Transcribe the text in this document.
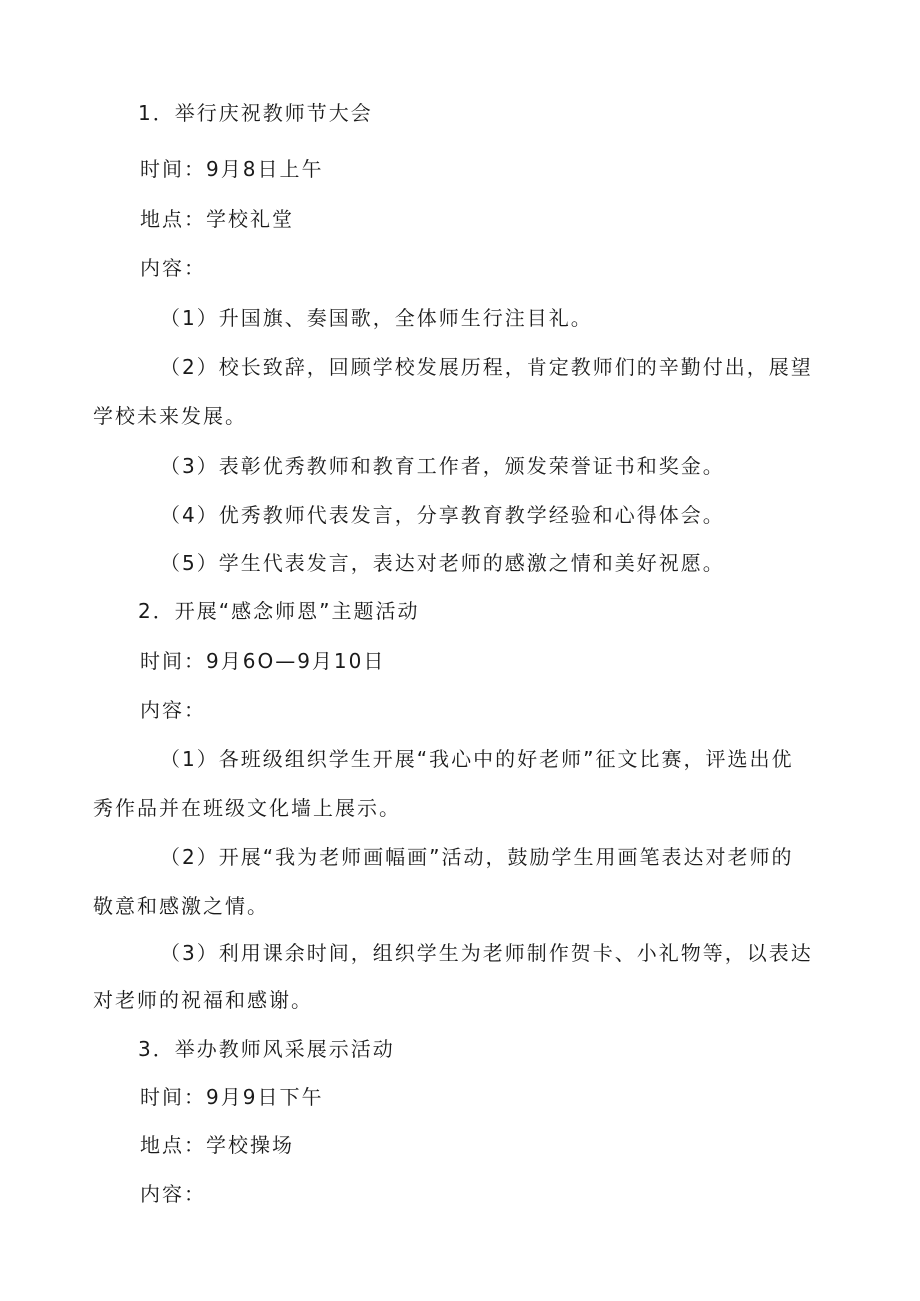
1．举行庆祝教师节大会
时间：9月8日上午
地点：学校礼堂
内容：
（1）升国旗、奏国歌，全体师生行注目礼。
（2）校长致辞，回顾学校发展历程，肯定教师们的辛勤付出，展望
学校未来发展。
（3）表彰优秀教师和教育工作者，颁发荣誉证书和奖金。
（4）优秀教师代表发言，分享教育教学经验和心得体会。
（5）学生代表发言，表达对老师的感激之情和美好祝愿。
2．开展“感念师恩”主题活动
时间：9月6O—9月10日
内容：
（1）各班级组织学生开展“我心中的好老师”征文比赛，评选出优
秀作品并在班级文化墙上展示。
（2）开展“我为老师画幅画”活动，鼓励学生用画笔表达对老师的
敬意和感激之情。
（3）利用课余时间，组织学生为老师制作贺卡、小礼物等，以表达
对老师的祝福和感谢。
3．举办教师风采展示活动
时间：9月9日下午
地点：学校操场
内容：
